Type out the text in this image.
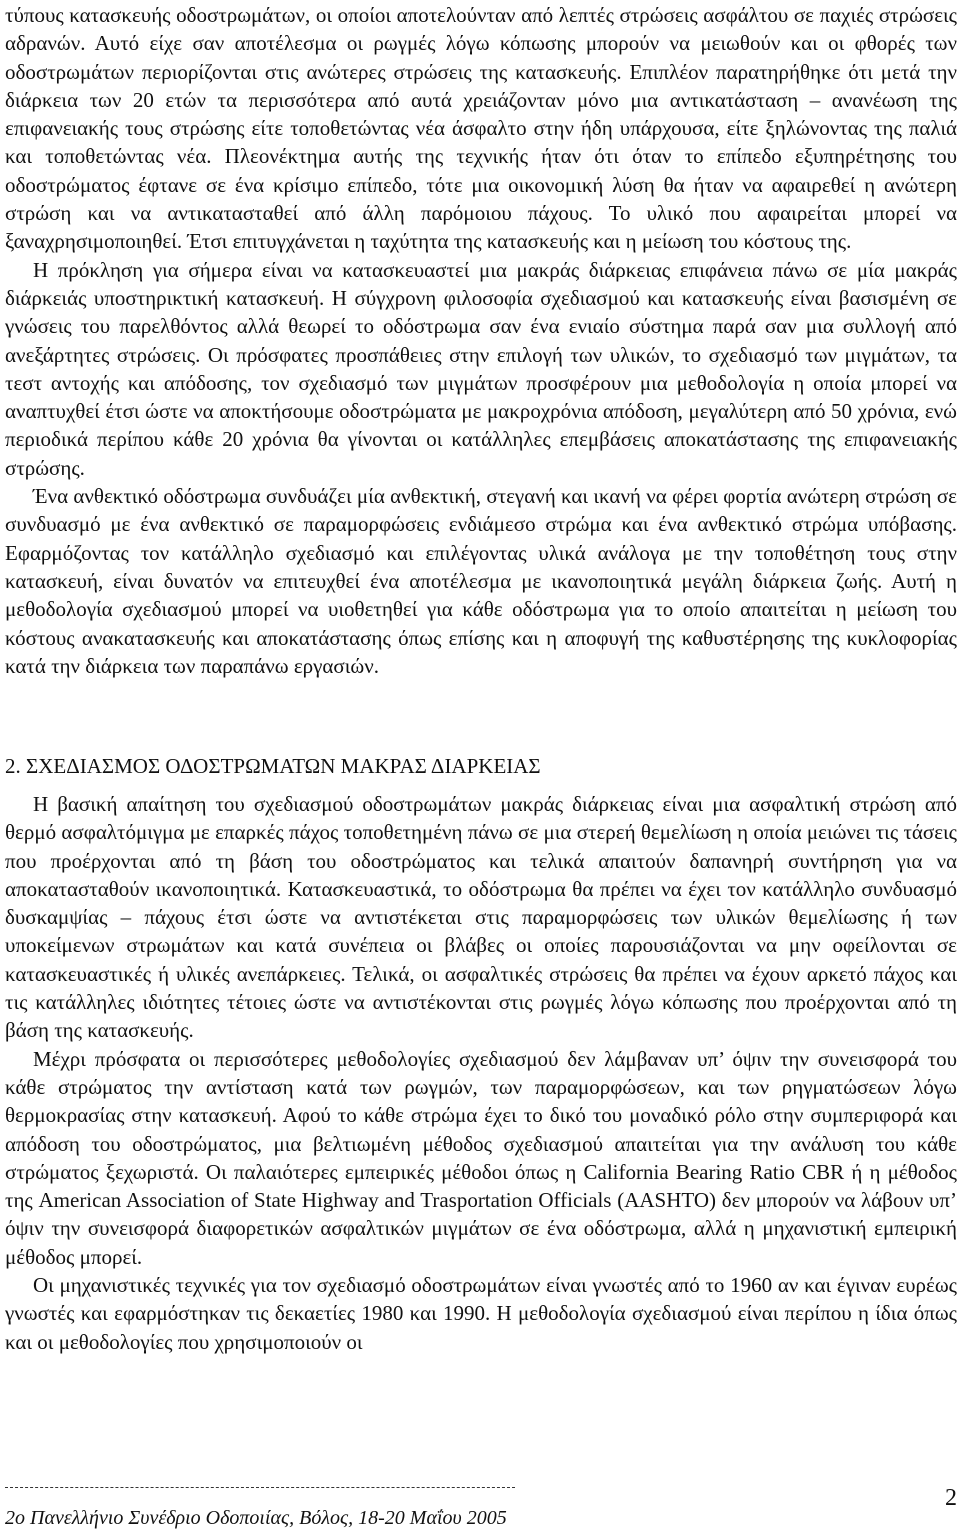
τύπους κατασκευής οδοστρωμάτων, οι οποίοι αποτελούνταν από λεπτές στρώσεις ασφάλτου σε παχιές στρώσεις αδρανών. Αυτό είχε σαν αποτέλεσμα οι ρωγμές λόγω κόπωσης μπορούν να μειωθούν και οι φθορές των οδοστρωμάτων περιορίζονται στις ανώτερες στρώσεις της κατασκευής. Επιπλέον παρατηρήθηκε ότι μετά την διάρκεια των 20 ετών τα περισσότερα από αυτά χρειάζονταν μόνο μια αντικατάσταση – ανανέωση της επιφανειακής τους στρώσης είτε τοποθετώντας νέα άσφαλτο στην ήδη υπάρχουσα, είτε ξηλώνοντας της παλιά και τοποθετώντας νέα. Πλεονέκτημα αυτής της τεχνικής ήταν ότι όταν το επίπεδο εξυπηρέτησης του οδοστρώματος έφτανε σε ένα κρίσιμο επίπεδο, τότε μια οικονομική λύση θα ήταν να αφαιρεθεί η ανώτερη στρώση και να αντικατασταθεί από άλλη παρόμοιου πάχους. Το υλικό που αφαιρείται μπορεί να ξαναχρησιμοποιηθεί. Έτσι επιτυγχάνεται η ταχύτητα της κατασκευής και η μείωση του κόστους της.

Η πρόκληση για σήμερα είναι να κατασκευαστεί μια μακράς διάρκειας επιφάνεια πάνω σε μία μακράς διάρκειάς υποστηρικτική κατασκευή. Η σύγχρονη φιλοσοφία σχεδιασμού και κατασκευής είναι βασισμένη σε γνώσεις του παρελθόντος αλλά θεωρεί το οδόστρωμα σαν ένα ενιαίο σύστημα παρά σαν μια συλλογή από ανεξάρτητες στρώσεις. Οι πρόσφατες προσπάθειες στην επιλογή των υλικών, το σχεδιασμό των μιγμάτων, τα τεστ αντοχής και απόδοσης, τον σχεδιασμό των μιγμάτων προσφέρουν μια μεθοδολογία η οποία μπορεί να αναπτυχθεί έτσι ώστε να αποκτήσουμε οδοστρώματα με μακροχρόνια απόδοση, μεγαλύτερη από 50 χρόνια, ενώ περιοδικά περίπου κάθε 20 χρόνια θα γίνονται οι κατάλληλες επεμβάσεις αποκατάστασης της επιφανειακής στρώσης.

Ένα ανθεκτικό οδόστρωμα συνδυάζει μία ανθεκτική, στεγανή και ικανή να φέρει φορτία ανώτερη στρώση σε συνδυασμό με ένα ανθεκτικό σε παραμορφώσεις ενδιάμεσο στρώμα και ένα ανθεκτικό στρώμα υπόβασης. Εφαρμόζοντας τον κατάλληλο σχεδιασμό και επιλέγοντας υλικά ανάλογα με την τοποθέτηση τους στην κατασκευή, είναι δυνατόν να επιτευχθεί ένα αποτέλεσμα με ικανοποιητικά μεγάλη διάρκεια ζωής. Αυτή η μεθοδολογία σχεδιασμού μπορεί να υιοθετηθεί για κάθε οδόστρωμα για το οποίο απαιτείται η μείωση του κόστους ανακατασκευής και αποκατάστασης όπως επίσης και η αποφυγή της καθυστέρησης της κυκλοφορίας κατά την διάρκεια των παραπάνω εργασιών.

2. ΣΧΕΔΙΑΣΜΟΣ ΟΔΟΣΤΡΩΜΑΤΩΝ ΜΑΚΡΑΣ ΔΙΑΡΚΕΙΑΣ

Η βασική απαίτηση του σχεδιασμού οδοστρωμάτων μακράς διάρκειας είναι μια ασφαλτική στρώση από θερμό ασφαλτόμιγμα με επαρκές πάχος τοποθετημένη πάνω σε μια στερεή θεμελίωση η οποία μειώνει τις τάσεις που προέρχονται από τη βάση του οδοστρώματος και τελικά απαιτούν δαπανηρή συντήρηση για να αποκατασταθούν ικανοποιητικά. Κατασκευαστικά, το οδόστρωμα θα πρέπει να έχει τον κατάλληλο συνδυασμό δυσκαμψίας – πάχους έτσι ώστε να αντιστέκεται στις παραμορφώσεις των υλικών θεμελίωσης ή των υποκείμενων στρωμάτων και κατά συνέπεια οι βλάβες οι οποίες παρουσιάζονται να μην οφείλονται σε κατασκευαστικές ή υλικές ανεπάρκειες. Τελικά, οι ασφαλτικές στρώσεις θα πρέπει να έχουν αρκετό πάχος και τις κατάλληλες ιδιότητες τέτοιες ώστε να αντιστέκονται στις ρωγμές λόγω κόπωσης που προέρχονται από τη βάση της κατασκευής.

Μέχρι πρόσφατα οι περισσότερες μεθοδολογίες σχεδιασμού δεν λάμβαναν υπ’ όψιν την συνεισφορά του κάθε στρώματος την αντίσταση κατά των ρωγμών, των παραμορφώσεων, και των ρηγματώσεων λόγω θερμοκρασίας στην κατασκευή. Αφού το κάθε στρώμα έχει το δικό του μοναδικό ρόλο στην συμπεριφορά και απόδοση του οδοστρώματος, μια βελτιωμένη μέθοδος σχεδιασμού απαιτείται για την ανάλυση του κάθε στρώματος ξεχωριστά. Οι παλαιότερες εμπειρικές μέθοδοι όπως η California Bearing Ratio CBR ή η μέθοδος της American Association of State Highway and Trasportation Officials (AASHTO) δεν μπορούν να λάβουν υπ’ όψιν την συνεισφορά διαφορετικών ασφαλτικών μιγμάτων σε ένα οδόστρωμα, αλλά η μηχανιστική εμπειρική μέθοδος μπορεί.

Οι μηχανιστικές τεχνικές για τον σχεδιασμό οδοστρωμάτων είναι γνωστές από το 1960 αν και έγιναν ευρέως γνωστές και εφαρμόστηκαν τις δεκαετίες 1980 και 1990. Η μεθοδολογία σχεδιασμού είναι περίπου η ίδια όπως και οι μεθοδολογίες που χρησιμοποιούν οι

2ο Πανελλήνιο Συνέδριο Οδοποιίας, Βόλος, 18-20 Μαΐου 2005
2
